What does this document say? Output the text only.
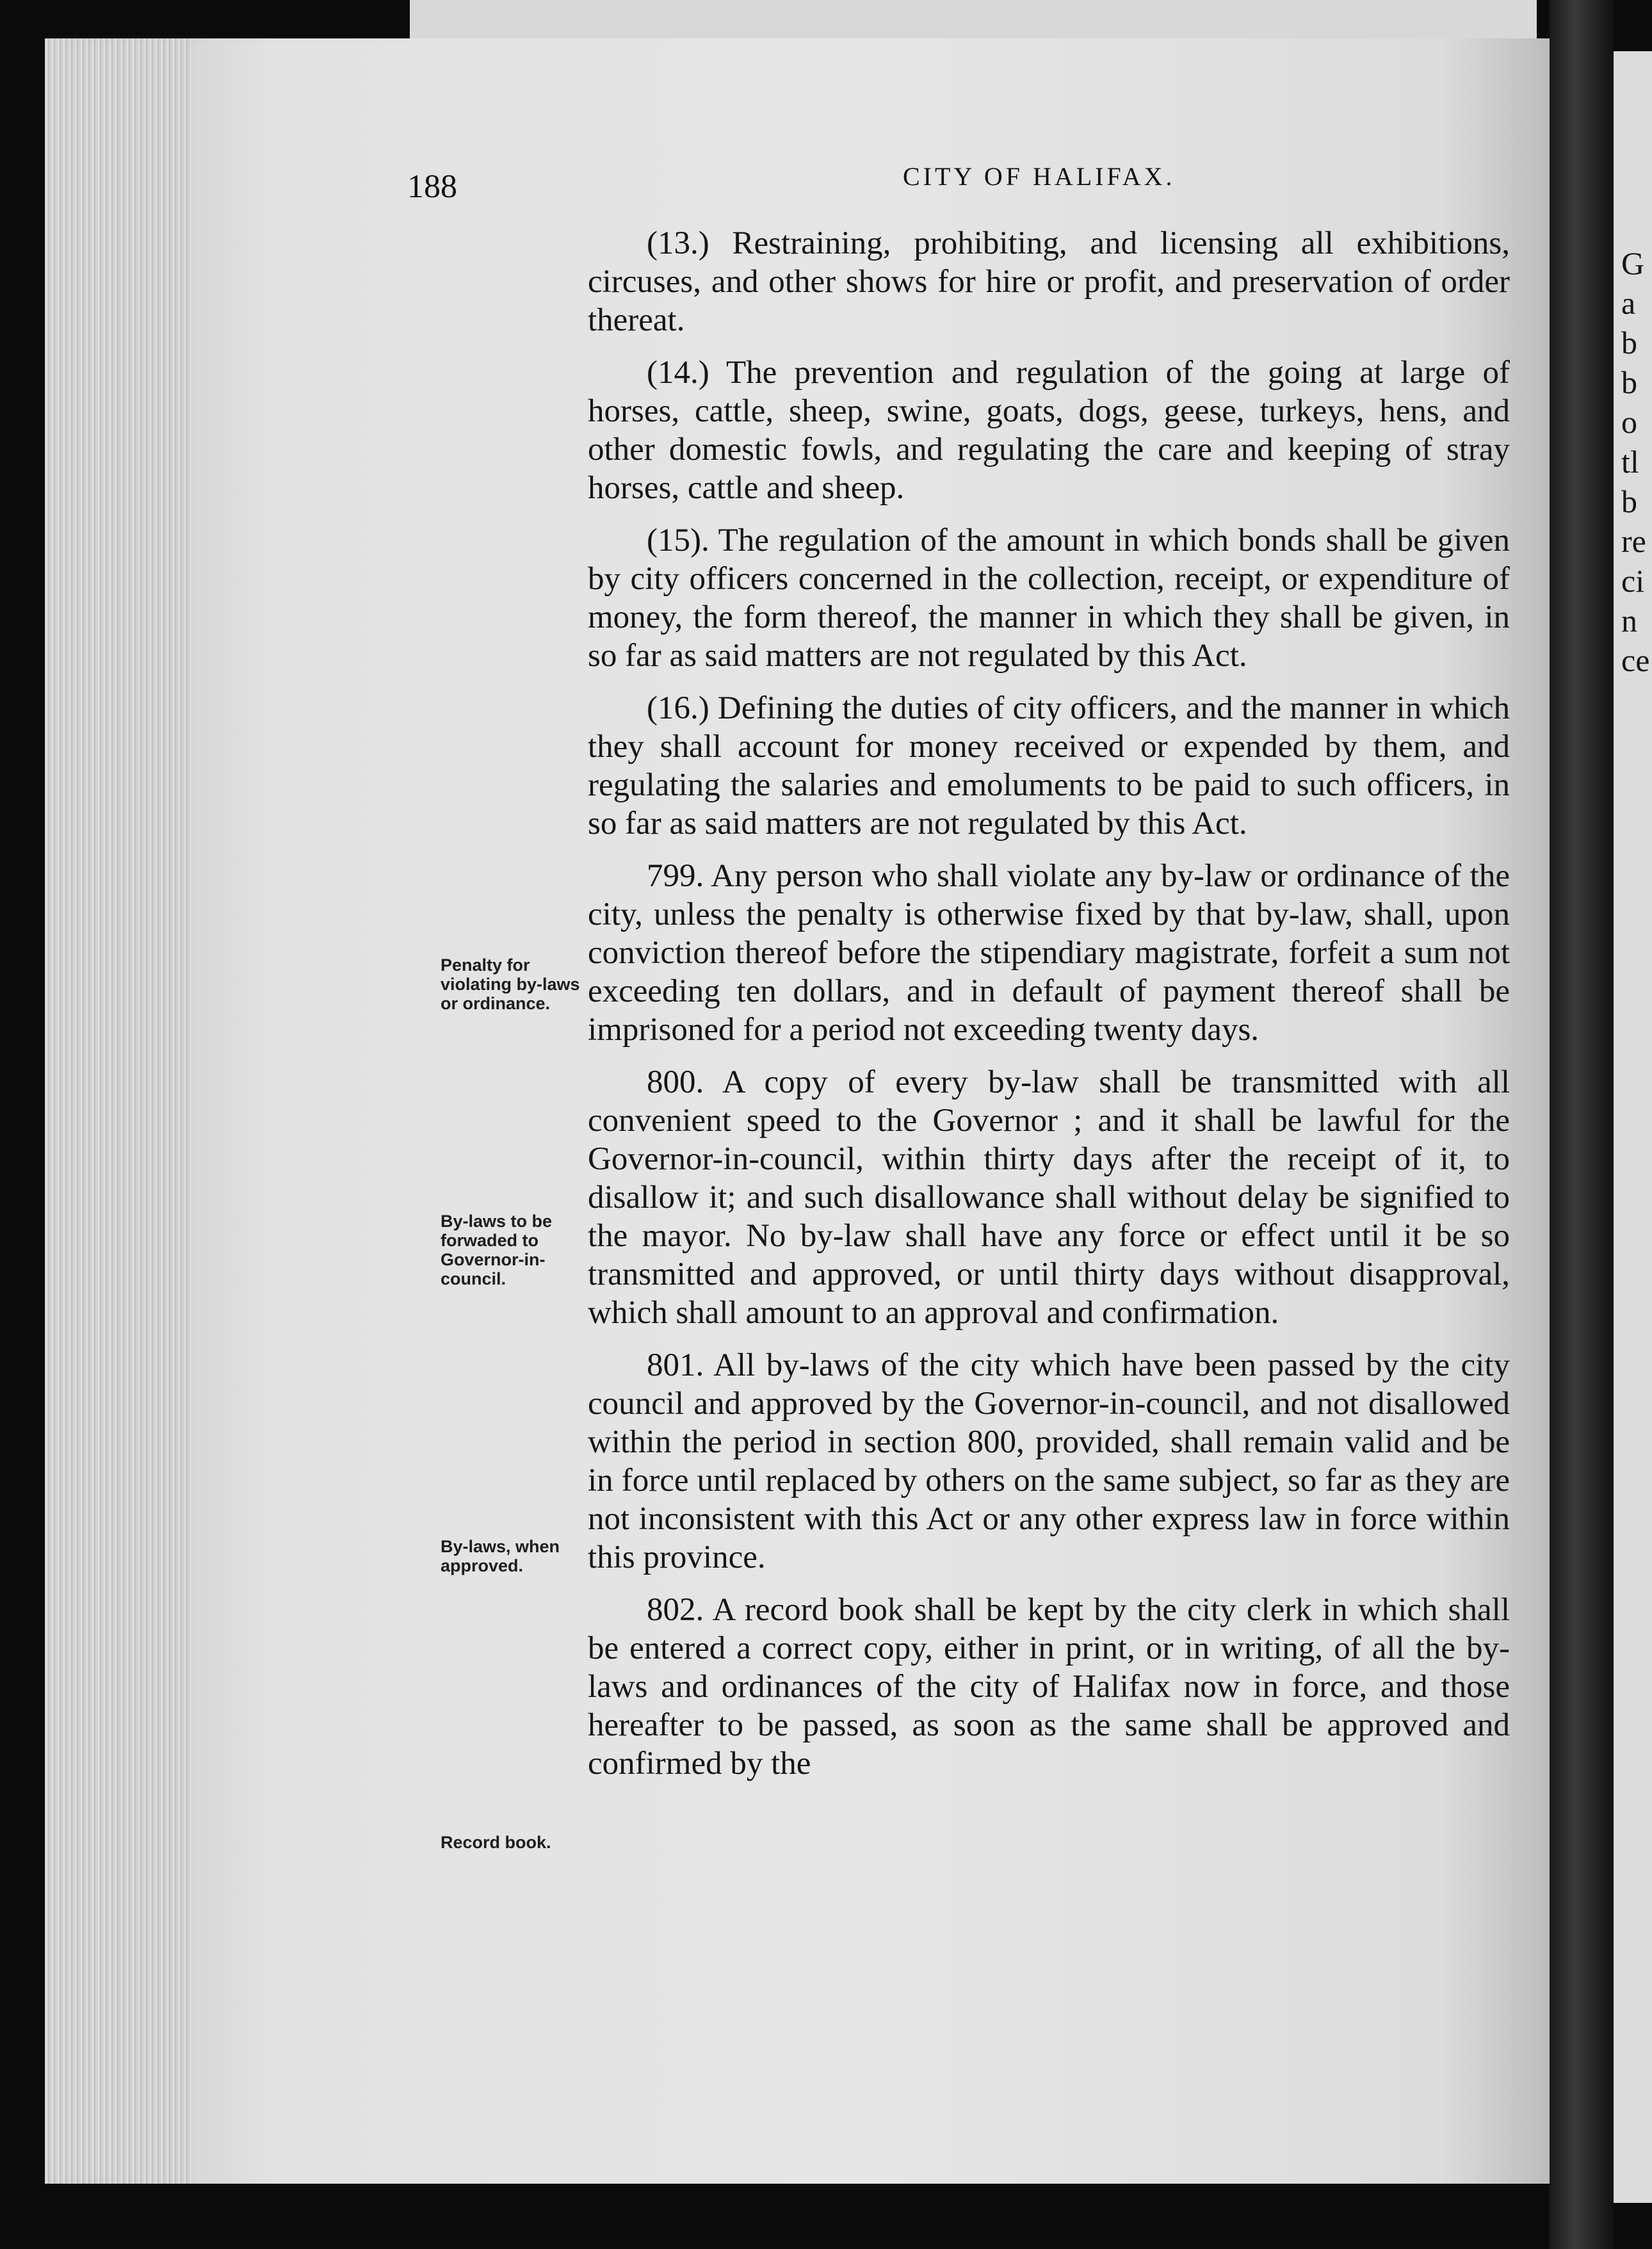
188	CITY OF HALIFAX.

(13.) Restraining, prohibiting, and licensing all exhibitions, circuses, and other shows for hire or profit, and preservation of order thereat.

(14.) The prevention and regulation of the going at large of horses, cattle, sheep, swine, goats, dogs, geese, turkeys, hens, and other domestic fowls, and regulating the care and keeping of stray horses, cattle and sheep.

(15). The regulation of the amount in which bonds shall be given by city officers concerned in the collection, receipt, or expenditure of money, the form thereof, the manner in which they shall be given, in so far as said matters are not regulated by this Act.

(16.) Defining the duties of city officers, and the manner in which they shall account for money received or expended by them, and regulating the salaries and emoluments to be paid to such officers, in so far as said matters are not regulated by this Act.

799. Any person who shall violate any by-law or ordinance of the city, unless the penalty is otherwise fixed by that by-law, shall, upon conviction thereof before the stipendiary magistrate, forfeit a sum not exceeding ten dollars, and in default of payment thereof shall be imprisoned for a period not exceeding twenty days.

800. A copy of every by-law shall be transmitted with all convenient speed to the Governor ; and it shall be lawful for the Governor-in-council, within thirty days after the receipt of it, to disallow it; and such disallowance shall without delay be signified to the mayor. No by-law shall have any force or effect until it be so transmitted and approved, or until thirty days without disapproval, which shall amount to an approval and confirmation.

801. All by-laws of the city which have been passed by the city council and approved by the Governor-in-council, and not disallowed within the period in section 800, provided, shall remain valid and be in force until replaced by others on the same subject, so far as they are not inconsistent with this Act or any other express law in force within this province.

802. A record book shall be kept by the city clerk in which shall be entered a correct copy, either in print, or in writing, of all the by-laws and ordinances of the city of Halifax now in force, and those hereafter to be passed, as soon as the same shall be approved and confirmed by the

Penalty for violating by-laws or ordinance.
By-laws to be forwaded to Governor-in-council.
By-laws, when approved.
Record book.
G
a
b
b
o
tl
b
re
ci
n
ce
